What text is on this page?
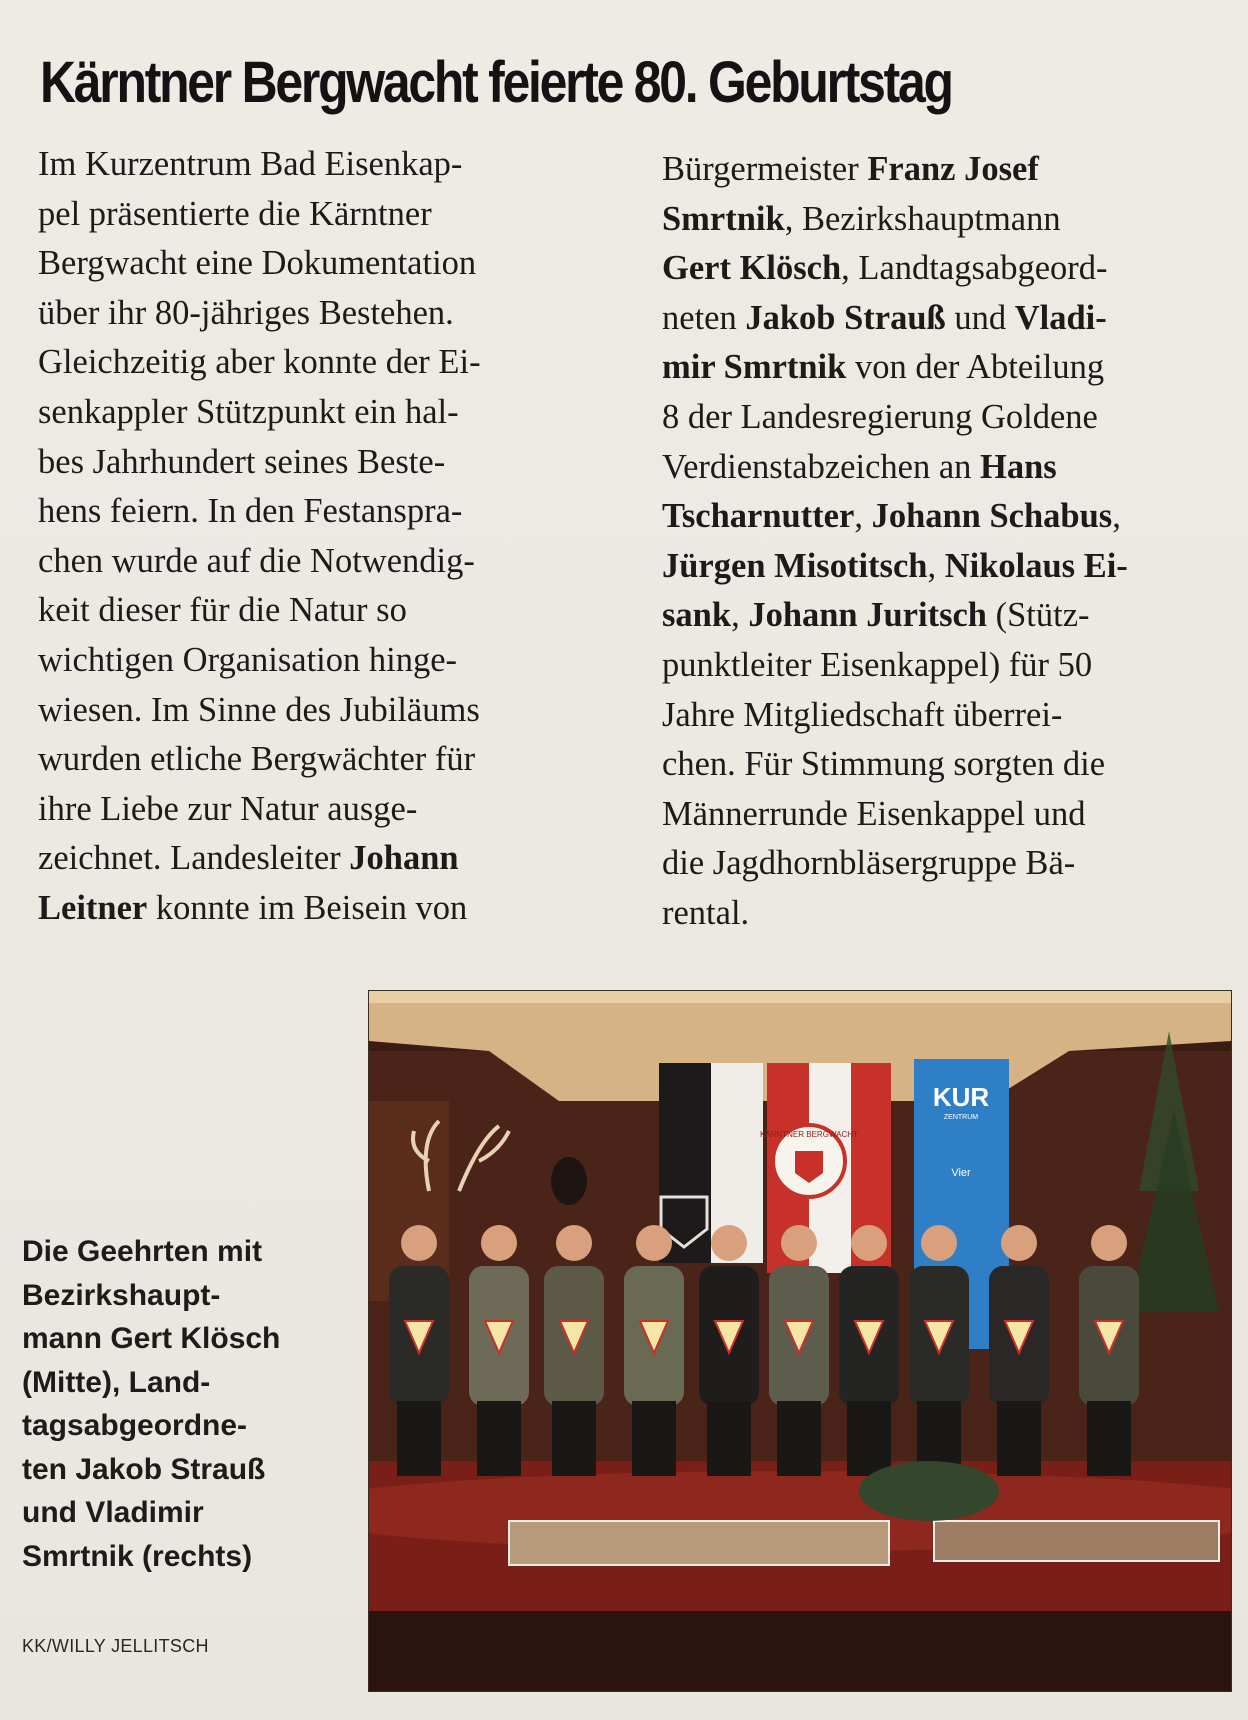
Kärntner Bergwacht feierte 80. Geburtstag
Im Kurzentrum Bad Eisenkap-
pel präsentierte die Kärntner
Bergwacht eine Dokumentation
über ihr 80-jähriges Bestehen.
Gleichzeitig aber konnte der Ei-
senkappler Stützpunkt ein hal-
bes Jahrhundert seines Beste-
hens feiern. In den Festanspra-
chen wurde auf die Notwendig-
keit dieser für die Natur so
wichtigen Organisation hinge-
wiesen. Im Sinne des Jubiläums
wurden etliche Bergwächter für
ihre Liebe zur Natur ausge-
zeichnet. Landesleiter Johann
Leitner konnte im Beisein von
Bürgermeister Franz Josef
Smrtnik, Bezirkshauptmann
Gert Klösch, Landtagsabgeord-
neten Jakob Strauß und Vladi-
mir Smrtnik von der Abteilung
8 der Landesregierung Goldene
Verdienstabzeichen an Hans
Tscharnutter, Johann Schabus,
Jürgen Misotitsch, Nikolaus Ei-
sank, Johann Juritsch (Stütz-
punktleiter Eisenkappel) für 50
Jahre Mitgliedschaft überrei-
chen. Für Stimmung sorgten die
Männerrunde Eisenkappel und
die Jagdhornbläsergruppe Bä-
rental.
KÄRNTNER BERGWACHT
KUR
ZENTRUM
Vier
Die Geehrten mit
Bezirkshaupt-
mann Gert Klösch
(Mitte), Land-
tagsabgeordne-
ten Jakob Strauß
und Vladimir
Smrtnik (rechts)
KK/WILLY JELLITSCH
